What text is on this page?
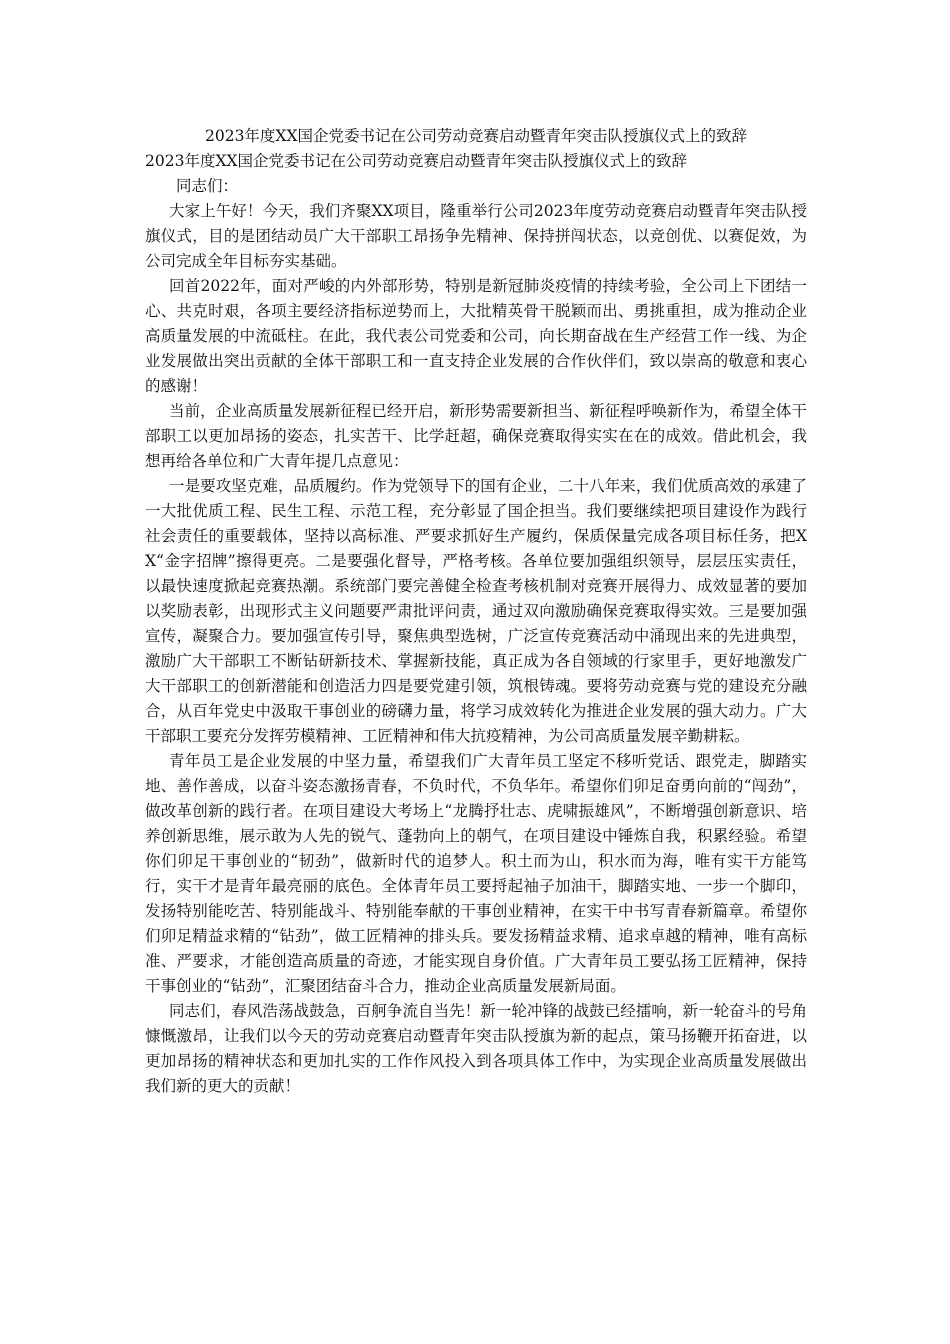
2023年度XX国企党委书记在公司劳动竞赛启动暨青年突击队授旗仪式上的致辞
2023年度XX国企党委书记在公司劳动竞赛启动暨青年突击队授旗仪式上的致辞

同志们：

大家上午好！今天，我们齐聚XX项目，隆重举行公司2023年度劳动竞赛启动暨青年突击队授旗仪式，目的是团结动员广大干部职工昂扬争先精神、保持拼闯状态，以竞创优、以赛促效，为公司完成全年目标夯实基础。

回首2022年，面对严峻的内外部形势，特别是新冠肺炎疫情的持续考验，全公司上下团结一心、共克时艰，各项主要经济指标逆势而上，大批精英骨干脱颖而出、勇挑重担，成为推动企业高质量发展的中流砥柱。在此，我代表公司党委和公司，向长期奋战在生产经营工作一线、为企业发展做出突出贡献的全体干部职工和一直支持企业发展的合作伙伴们，致以崇高的敬意和衷心的感谢！

当前，企业高质量发展新征程已经开启，新形势需要新担当、新征程呼唤新作为，希望全体干部职工以更加昂扬的姿态，扎实苦干、比学赶超，确保竞赛取得实实在在的成效。借此机会，我想再给各单位和广大青年提几点意见：

一是要攻坚克难，品质履约。作为党领导下的国有企业，二十八年来，我们优质高效的承建了一大批优质工程、民生工程、示范工程，充分彰显了国企担当。我们要继续把项目建设作为践行社会责任的重要载体，坚持以高标准、严要求抓好生产履约，保质保量完成各项目标任务，把XX“金字招牌”擦得更亮。二是要强化督导，严格考核。各单位要加强组织领导，层层压实责任，以最快速度掀起竞赛热潮。系统部门要完善健全检查考核机制对竞赛开展得力、成效显著的要加以奖励表彰，出现形式主义问题要严肃批评问责，通过双向激励确保竞赛取得实效。三是要加强宣传，凝聚合力。要加强宣传引导，聚焦典型选树，广泛宣传竞赛活动中涌现出来的先进典型，激励广大干部职工不断钻研新技术、掌握新技能，真正成为各自领域的行家里手，更好地激发广大干部职工的创新潜能和创造活力四是要党建引领，筑根铸魂。要将劳动竞赛与党的建设充分融合，从百年党史中汲取干事创业的磅礴力量，将学习成效转化为推进企业发展的强大动力。广大干部职工要充分发挥劳模精神、工匠精神和伟大抗疫精神，为公司高质量发展辛勤耕耘。

青年员工是企业发展的中坚力量，希望我们广大青年员工坚定不移听党话、跟党走，脚踏实地、善作善成，以奋斗姿态激扬青春，不负时代，不负华年。希望你们卯足奋勇向前的“闯劲”，做改革创新的践行者。在项目建设大考场上“龙腾抒壮志、虎啸振雄风”，不断增强创新意识、培养创新思维，展示敢为人先的锐气、蓬勃向上的朝气，在项目建设中锤炼自我，积累经验。希望你们卯足干事创业的“韧劲”，做新时代的追梦人。积土而为山，积水而为海，唯有实干方能笃行，实干才是青年最亮丽的底色。全体青年员工要捋起袖子加油干，脚踏实地、一步一个脚印，发扬特别能吃苦、特别能战斗、特别能奉献的干事创业精神，在实干中书写青春新篇章。希望你们卯足精益求精的“钻劲”，做工匠精神的排头兵。要发扬精益求精、追求卓越的精神，唯有高标准、严要求，才能创造高质量的奇迹，才能实现自身价值。广大青年员工要弘扬工匠精神，保持干事创业的“钻劲”，汇聚团结奋斗合力，推动企业高质量发展新局面。

同志们，春风浩荡战鼓急，百舸争流自当先！新一轮冲锋的战鼓已经擂响，新一轮奋斗的号角慷慨激昂，让我们以今天的劳动竞赛启动暨青年突击队授旗为新的起点，策马扬鞭开拓奋进，以更加昂扬的精神状态和更加扎实的工作作风投入到各项具体工作中，为实现企业高质量发展做出我们新的更大的贡献！
